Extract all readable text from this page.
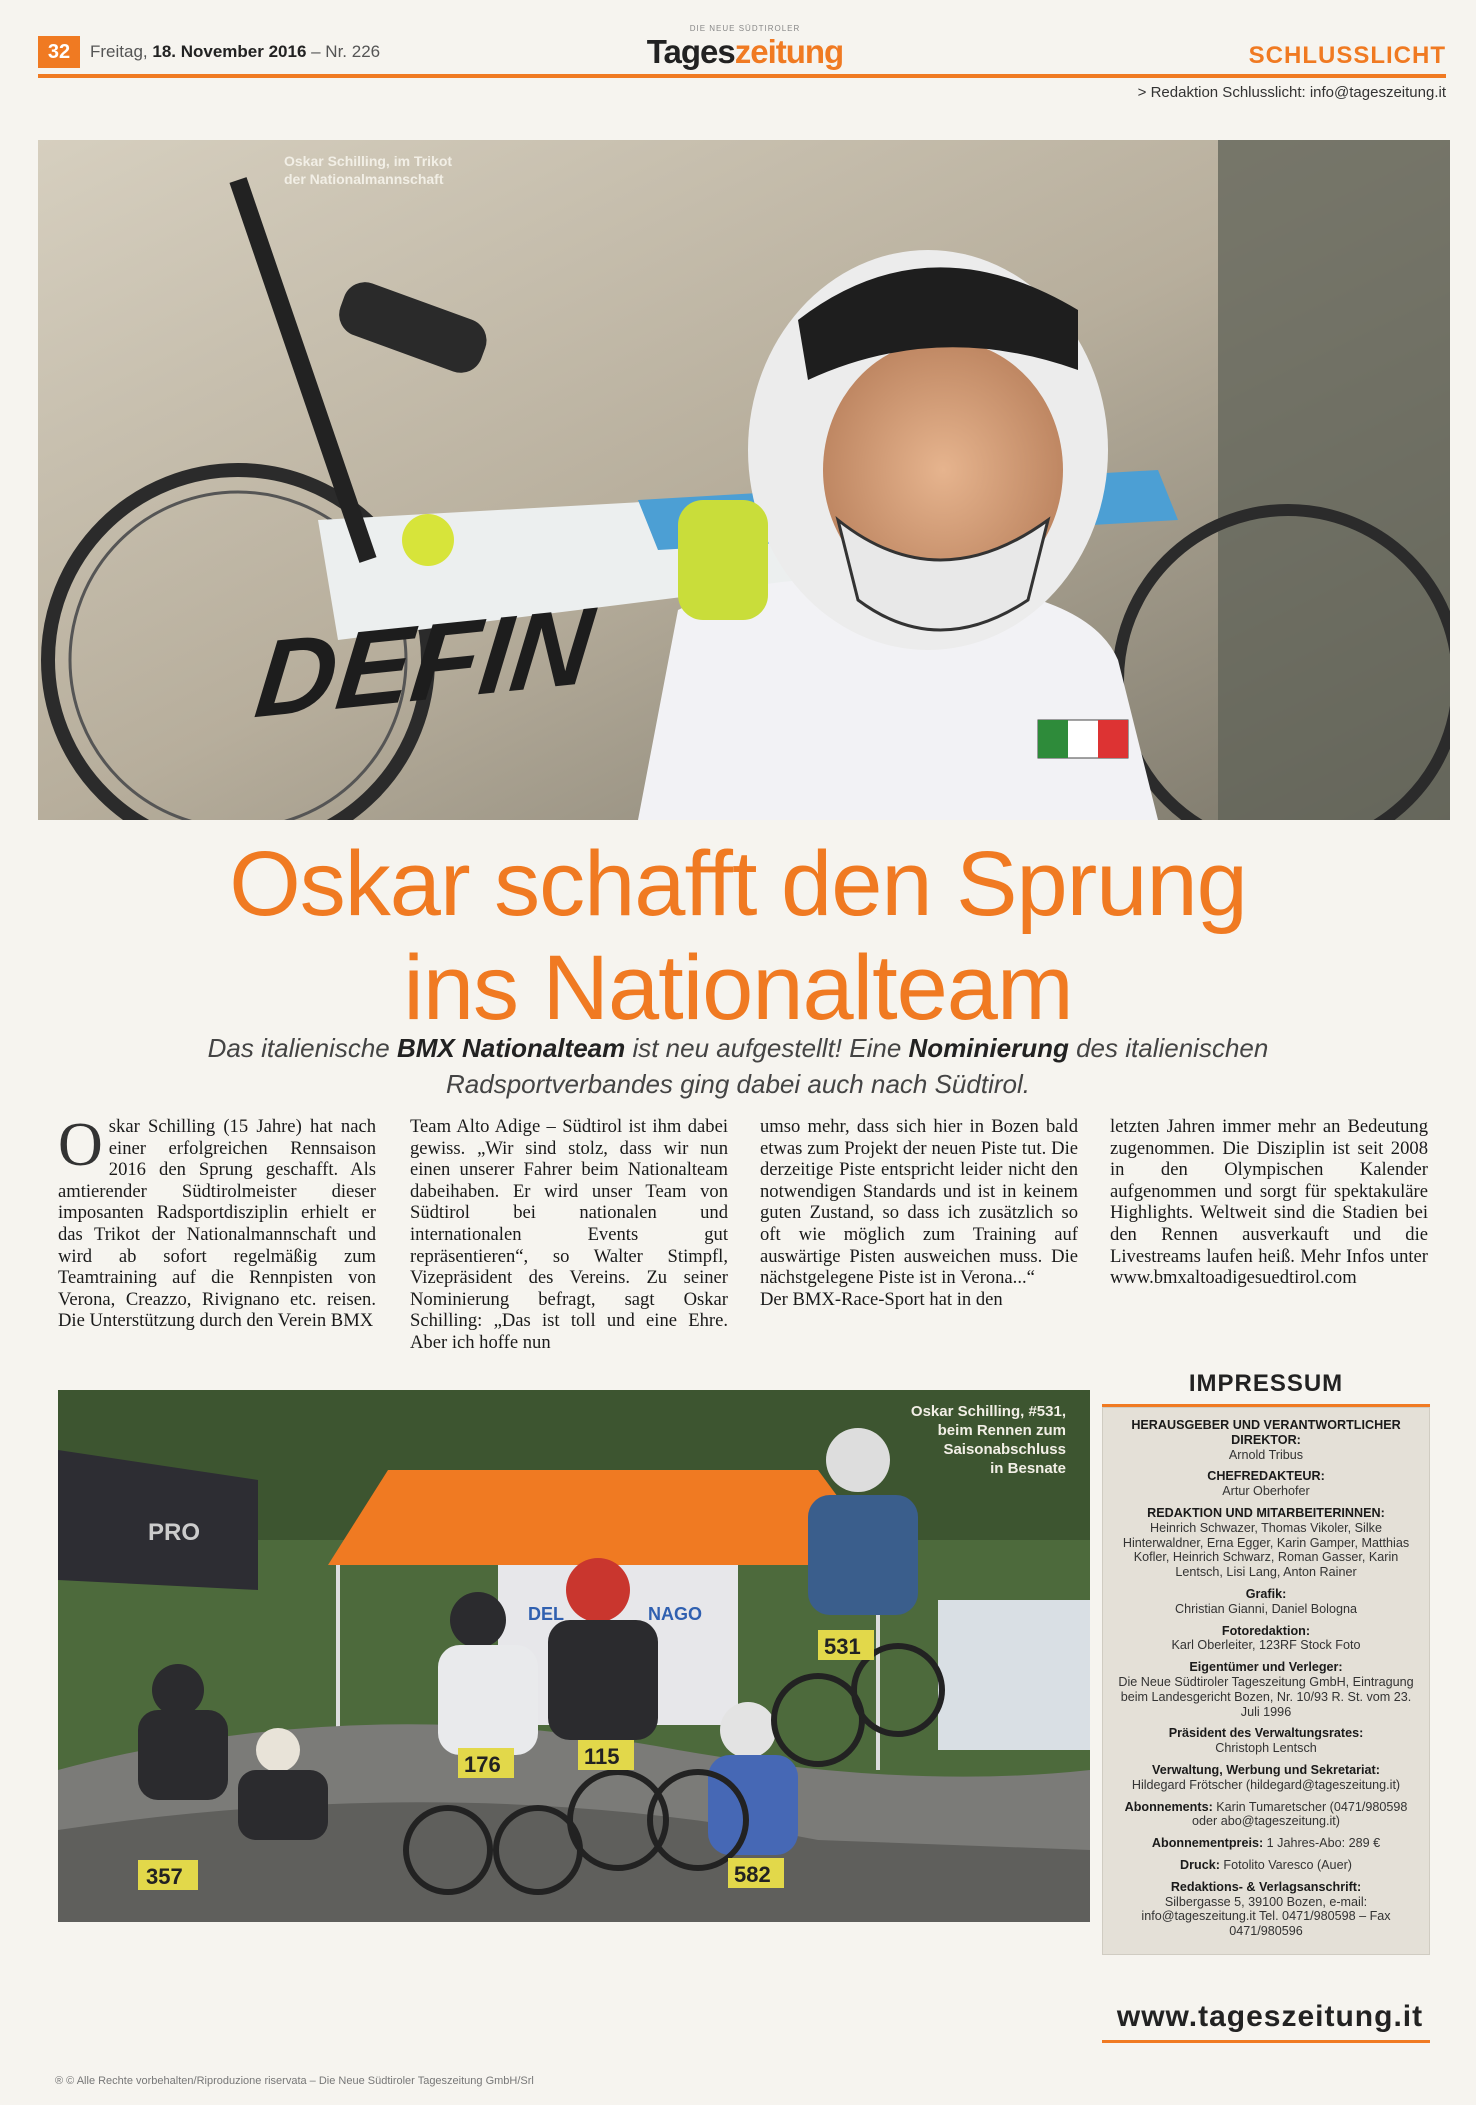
32	Freitag, 18. November 2016 – Nr. 226
DIE NEUE SÜDTIROLER
Tageszeitung	SCHLUSSLICHT
> Redaktion Schlusslicht: info@tageszeitung.it
DEFIN
Oskar Schilling, im Trikot
der Nationalmannschaft
Oskar schafft den Sprung
ins Nationalteam
Das italienische BMX Nationalteam ist neu aufgestellt! Eine Nominierung des italienischen Radsportverbandes ging dabei auch nach Südtirol.
Oskar Schilling (15 Jahre) hat nach einer erfolgreichen Rennsaison 2016 den Sprung geschafft. Als amtierender Südtirolmeister dieser imposanten Radsportdisziplin erhielt er das Trikot der Nationalmannschaft und wird ab sofort regelmäßig zum Teamtraining auf die Rennpisten von Verona, Creazzo, Rivignano etc. reisen. Die Unterstützung durch den Verein BMX
Team Alto Adige – Südtirol ist ihm dabei gewiss. „Wir sind stolz, dass wir nun einen unserer Fahrer beim Nationalteam dabeihaben. Er wird unser Team von Südtirol bei nationalen und internationalen Events gut repräsentieren“, so Walter Stimpfl, Vizepräsident des Vereins. Zu seiner Nominierung befragt, sagt Oskar Schilling: „Das ist toll und eine Ehre. Aber ich hoffe nun
umso mehr, dass sich hier in Bozen bald etwas zum Projekt der neuen Piste tut. Die derzeitige Piste entspricht leider nicht den notwendigen Standards und ist in keinem guten Zustand, so dass ich zusätzlich so oft wie möglich zum Training auf auswärtige Pisten ausweichen muss. Die nächstgelegene Piste ist in Verona...“
Der BMX-Race-Sport hat in den
letzten Jahren immer mehr an Bedeutung zugenommen. Die Disziplin ist seit 2008 in den Olympischen Kalender aufgenommen und sorgt für spektakuläre Highlights. Weltweit sind die Stadien bei den Rennen ausverkauft und die Livestreams laufen heiß. Mehr Infos unter www.bmxaltoadigesuedtirol.com
DEL	NAGO
PRO
357
176	115
531
582
Oskar Schilling, #531,
beim Rennen zum
Saisonabschluss
in Besnate
IMPRESSUM
HERAUSGEBER UND VERANTWORTLICHER DIREKTOR:
Arnold Tribus
CHEFREDAKTEUR:
Artur Oberhofer
REDAKTION UND MITARBEITERINNEN:
Heinrich Schwazer, Thomas Vikoler, Silke Hinterwaldner, Erna Egger, Karin Gamper, Matthias Kofler, Heinrich Schwarz, Roman Gasser, Karin Lentsch, Lisi Lang, Anton Rainer
Grafik:
Christian Gianni, Daniel Bologna
Fotoredaktion:
Karl Oberleiter, 123RF Stock Foto
Eigentümer und Verleger:
Die Neue Südtiroler Tageszeitung GmbH, Eintragung beim Landesgericht Bozen, Nr. 10/93 R. St. vom 23. Juli 1996
Präsident des Verwaltungsrates:
Christoph Lentsch
Verwaltung, Werbung und Sekretariat:
Hildegard Frötscher (hildegard@tageszeitung.it)
Abonnements: Karin Tumaretscher (0471/980598 oder abo@tageszeitung.it)
Abonnementpreis: 1 Jahres-Abo: 289 €
Druck: Fotolito Varesco (Auer)
Redaktions- & Verlagsanschrift:
Silbergasse 5, 39100 Bozen, e-mail: info@tageszeitung.it Tel. 0471/980598 – Fax 0471/980596
www.tageszeitung.it
® © Alle Rechte vorbehalten/Riproduzione riservata – Die Neue Südtiroler Tageszeitung GmbH/Srl
